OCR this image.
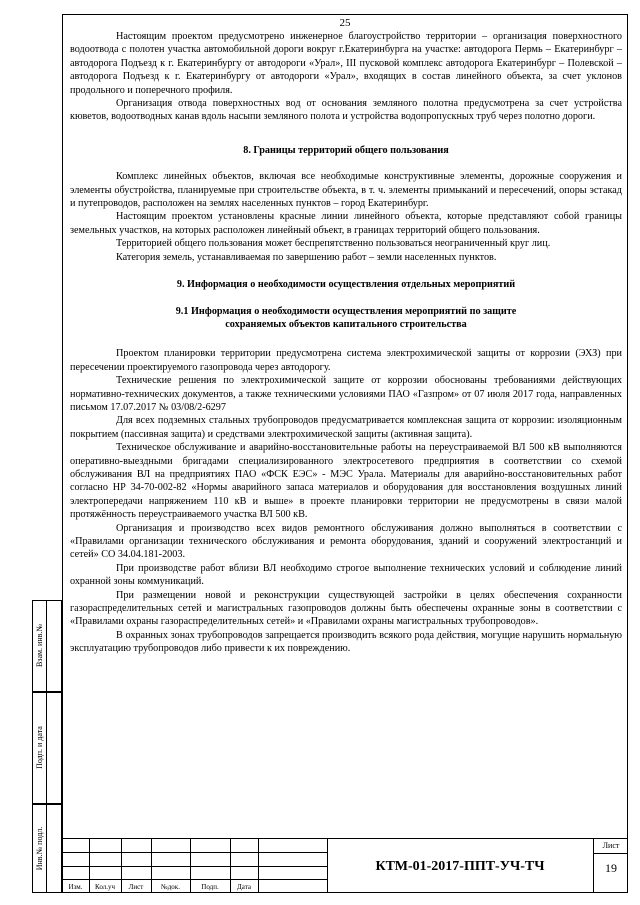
25

Настоящим проектом предусмотрено инженерное благоустройство территории – организация поверхностного водоотвода с полотен участка автомобильной дороги вокруг г.Екатеринбурга на участке: автодорога Пермь – Екатеринбург – автодорога Подъезд к г. Екатеринбургу от автодороги «Урал», III пусковой комплекс автодорога Екатеринбург – Полевской – автодорога Подъезд к г. Екатеринбургу от автодороги «Урал», входящих в состав линейного объекта, за счет уклонов продольного и поперечного профиля.

Организация отвода поверхностных вод от основания земляного полотна предусмотрена за счет устройства кюветов, водоотводных канав вдоль насыпи земляного полота и устройства водопропускных труб через полотно дороги.

8. Границы территорий общего пользования

Комплекс линейных объектов, включая все необходимые конструктивные элементы, дорожные сооружения и элементы обустройства, планируемые при строительстве объекта, в т. ч. элементы примыканий и пересечений, опоры эстакад и путепроводов, расположен на землях населенных пунктов – город Екатеринбург.

Настоящим проектом установлены красные линии линейного объекта, которые представляют собой границы земельных участков, на которых расположен линейный объект, в границах территорий общего пользования.

Территорией общего пользования может беспрепятственно пользоваться неограниченный круг лиц.

Категория земель, устанавливаемая по завершению работ – земли населенных пунктов.

9. Информация о необходимости осуществления отдельных мероприятий

9.1 Информация о необходимости осуществления мероприятий по защите
сохраняемых объектов капитального строительства

Проектом планировки территории предусмотрена система электрохимической защиты от коррозии (ЭХЗ) при пересечении проектируемого газопровода через автодорогу.

Технические решения по электрохимической защите от коррозии обоснованы требованиями действующих нормативно-технических документов, а также техническими условиями ПАО «Газпром» от 07 июля 2017 года, направленных письмом 17.07.2017 № 03/08/2-6297

Для всех подземных стальных трубопроводов предусматривается комплексная защита от коррозии: изоляционным покрытием (пассивная защита) и средствами электрохимической защиты (активная защита).

Техническое обслуживание и аварийно-восстановительные работы на переустраиваемой ВЛ 500 кВ выполняются оперативно-выездными бригадами специализированного электросетевого предприятия в соответствии со схемой обслуживания ВЛ на предприятиях ПАО «ФСК ЕЭС» - МЭС Урала. Материалы для аварийно-восстановительных работ согласно НР 34-70-002-82 «Нормы аварийного запаса материалов и оборудования для восстановления воздушных линий электропередачи напряжением 110 кВ и выше» в проекте планировки территории не предусмотрены в связи малой протяжённость переустраиваемого участка ВЛ 500 кВ.

Организация и производство всех видов ремонтного обслуживания должно выполняться в соответствии с «Правилами организации технического обслуживания и ремонта оборудования, зданий и сооружений электростанций и сетей» СО 34.04.181-2003.

При производстве работ вблизи ВЛ необходимо строгое выполнение технических условий и соблюдение линий охранной зоны коммуникаций.

При размещении новой и реконструкции существующей застройки в целях обеспечения сохранности газораспределительных сетей и магистральных газопроводов должны быть обеспечены охранные зоны в соответствии с «Правилами охраны газораспределительных сетей» и «Правилами охраны магистральных трубопроводов».

В охранных зонах трубопроводов запрещается производить всякого рода действия, могущие нарушить нормальную эксплуатацию трубопроводов либо привести к их повреждению.

Взам. инв.№
Подп. и дата
Инв.№ подл.
Изм.	Кол.уч	Лист	№док.	Подп.	Дата
КТМ-01-2017-ППТ-УЧ-ТЧ
Лист
19
